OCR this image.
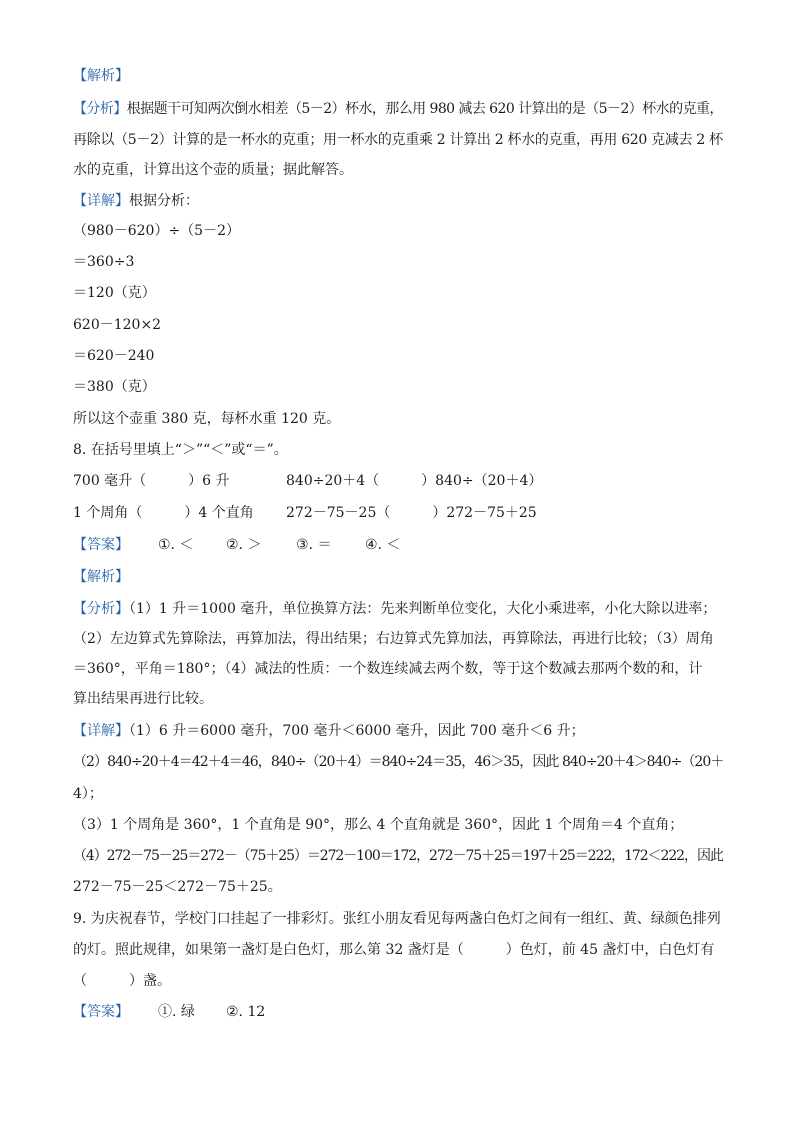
【解析】
【分析】根据题干可知两次倒水相差（5－2）杯水，那么用 980 减去 620 计算出的是（5－2）杯水的克重，
再除以（5－2）计算的是一杯水的克重；用一杯水的克重乘 2 计算出 2 杯水的克重，再用 620 克减去 2 杯
水的克重，计算出这个壶的质量；据此解答。
【详解】根据分析：
（980－620）÷（5－2）
＝360÷3
＝120（克）
620－120×2
＝620－240
＝380（克）
所以这个壶重 380 克，每杯水重 120 克。
8. 在括号里填上“＞”“＜”或“＝”。
700 毫升（　　　）6 升	840÷20＋4（　　　）840÷（20＋4）
1 个周角（　　　）4 个直角 272－75－25（　　　）272－75＋25
【答案】 ①. ＜ ②. ＞ ③. ＝ ④. ＜
【解析】
【分析】（1）1 升＝1000 毫升，单位换算方法：先来判断单位变化，大化小乘进率，小化大除以进率；
（2）左边算式先算除法，再算加法，得出结果；右边算式先算加法，再算除法，再进行比较；（3）周角
＝360°，平角＝180°；（4）减法的性质：一个数连续减去两个数，等于这个数减去那两个数的和，计
算出结果再进行比较。
【详解】（1）6 升＝6000 毫升，700 毫升＜6000 毫升，因此 700 毫升＜6 升；
（2）840÷20＋4＝42＋4＝46，840÷（20＋4）＝840÷24＝35，46＞35，因此 840÷20＋4＞840÷（20＋
4）；
（3）1 个周角是 360°，1 个直角是 90°，那么 4 个直角就是 360°，因此 1 个周角＝4 个直角；
（4）272－75－25＝272－（75＋25）＝272－100＝172，272－75＋25＝197＋25＝222，172＜222，因此
272－75－25＜272－75＋25。
9. 为庆祝春节，学校门口挂起了一排彩灯。张红小朋友看见每两盏白色灯之间有一组红、黄、绿颜色排列
的灯。照此规律，如果第一盏灯是白色灯，那么第 32 盏灯是（　　　）色灯，前 45 盏灯中，白色灯有
（　　　）盏。
【答案】 ①. 绿 ②. 12
